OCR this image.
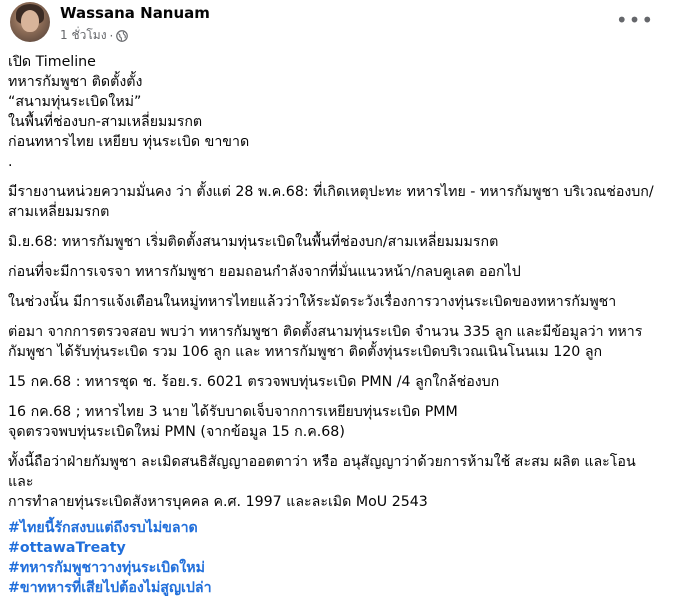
Wassana Nanuam
1 ชั่วโมง ·
•••

เปิด Timeline

ทหารกัมพูชา ติดตั้งตั้ง

“สนามทุ่นระเบิดใหม่”

ในพื้นที่ช่องบก-สามเหลี่ยมมรกต

ก่อนทหารไทย เหยียบ ทุ่นระเบิด ขาขาด

.

มีรายงานหน่วยความมั่นคง ว่า ตั้งแต่ 28 พ.ค.68: ที่เกิดเหตุปะทะ ทหารไทย - ทหารกัมพูชา บริเวณช่องบก/

สามเหลี่ยมมรกต

มิ.ย.68: ทหารกัมพูชา เริ่มติดตั้งสนามทุ่นระเบิดในพื้นที่ช่องบก/สามเหลี่ยมมมรกต

ก่อนที่จะมีการเจรจา ทหารกัมพูชา ยอมถอนกำลังจากที่มั่นแนวหน้า/กลบคูเลต ออกไป

ในช่วงนั้น มีการแจ้งเตือนในหมู่ทหารไทยแล้วว่าให้ระมัดระวังเรื่องการวางทุ่นระเบิดของทหารกัมพูชา

ต่อมา จากการตรวจสอบ พบว่า ทหารกัมพูชา ติดตั้งสนามทุ่นระเบิด จำนวน 335 ลูก และมีข้อมูลว่า ทหาร

กัมพูชา ได้รับทุ่นระเบิด รวม 106 ลูก และ ทหารกัมพูชา ติดตั้งทุ่นระเบิดบริเวณเนินโนนเม 120 ลูก

15 กค.68 : ทหารชุด ช. ร้อย.ร. 6021 ตรวจพบทุ่นระเบิด PMN /4 ลูกใกล้ช่องบก

16 กค.68 ; ทหารไทย 3 นาย ได้รับบาดเจ็บจากการเหยียบทุ่นระเบิด PMM

จุดตรวจพบทุ่นระเบิดใหม่ PMN (จากข้อมูล 15 ก.ค.68)

ทั้งนี้ถือว่าฝ่ายกัมพูชา ละเมิดสนธิสัญญาออตตาว่า หรือ อนุสัญญาว่าด้วยการห้ามใช้ สะสม ผลิต และโอน และ

การทำลายทุ่นระเบิดสังหารบุคคล ค.ศ. 1997 และละเมิด MoU 2543

#ไทยนี้รักสงบแต่ถึงรบไม่ขลาด
#ottawaTreaty
#ทหารกัมพูชาวางทุ่นระเบิดใหม่
#ขาทหารที่เสียไปต้องไม่สูญเปล่า
